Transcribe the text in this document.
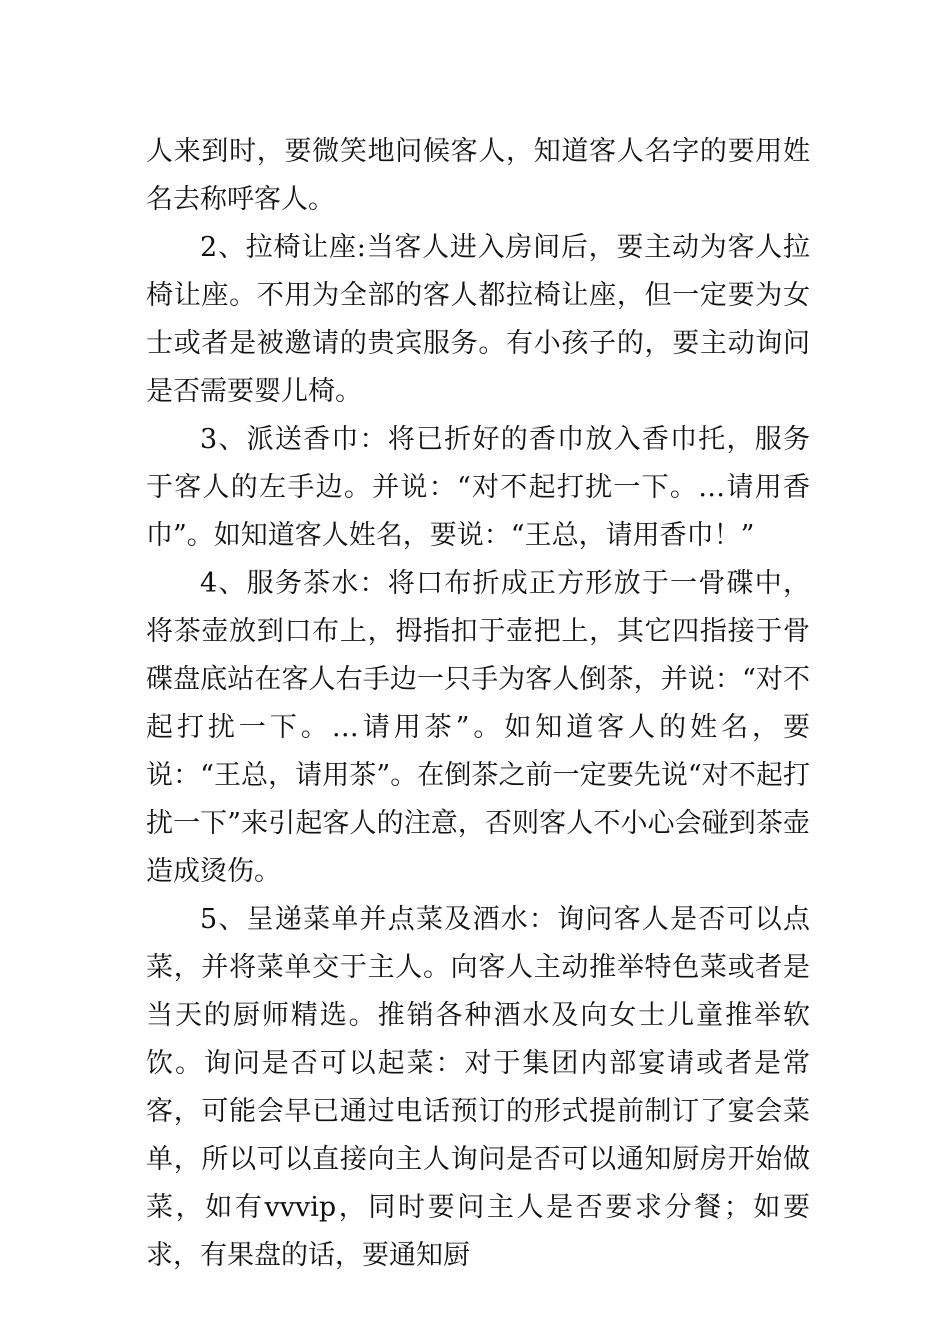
人来到时，要微笑地问候客人，知道客人名字的要用姓名去称呼客人。

2、拉椅让座:当客人进入房间后，要主动为客人拉椅让座。不用为全部的客人都拉椅让座，但一定要为女士或者是被邀请的贵宾服务。有小孩子的，要主动询问是否需要婴儿椅。

3、派送香巾：将已折好的香巾放入香巾托，服务于客人的左手边。并说：“对不起打扰一下。…请用香巾”。如知道客人姓名，要说：“王总，请用香巾！”

4、服务茶水：将口布折成正方形放于一骨碟中，将茶壶放到口布上，拇指扣于壶把上，其它四指接于骨碟盘底站在客人右手边一只手为客人倒茶，并说：“对不起打扰一下。…请用茶”。如知道客人的姓名，要说：“王总，请用茶”。在倒茶之前一定要先说“对不起打扰一下”来引起客人的注意，否则客人不小心会碰到茶壶造成烫伤。

5、呈递菜单并点菜及酒水：询问客人是否可以点菜，并将菜单交于主人。向客人主动推举特色菜或者是当天的厨师精选。推销各种酒水及向女士儿童推举软饮。询问是否可以起菜：对于集团内部宴请或者是常客，可能会早已通过电话预订的形式提前制订了宴会菜单，所以可以直接向主人询问是否可以通知厨房开始做菜，如有vvvip，同时要问主人是否要求分餐；如要求，有果盘的话，要通知厨
